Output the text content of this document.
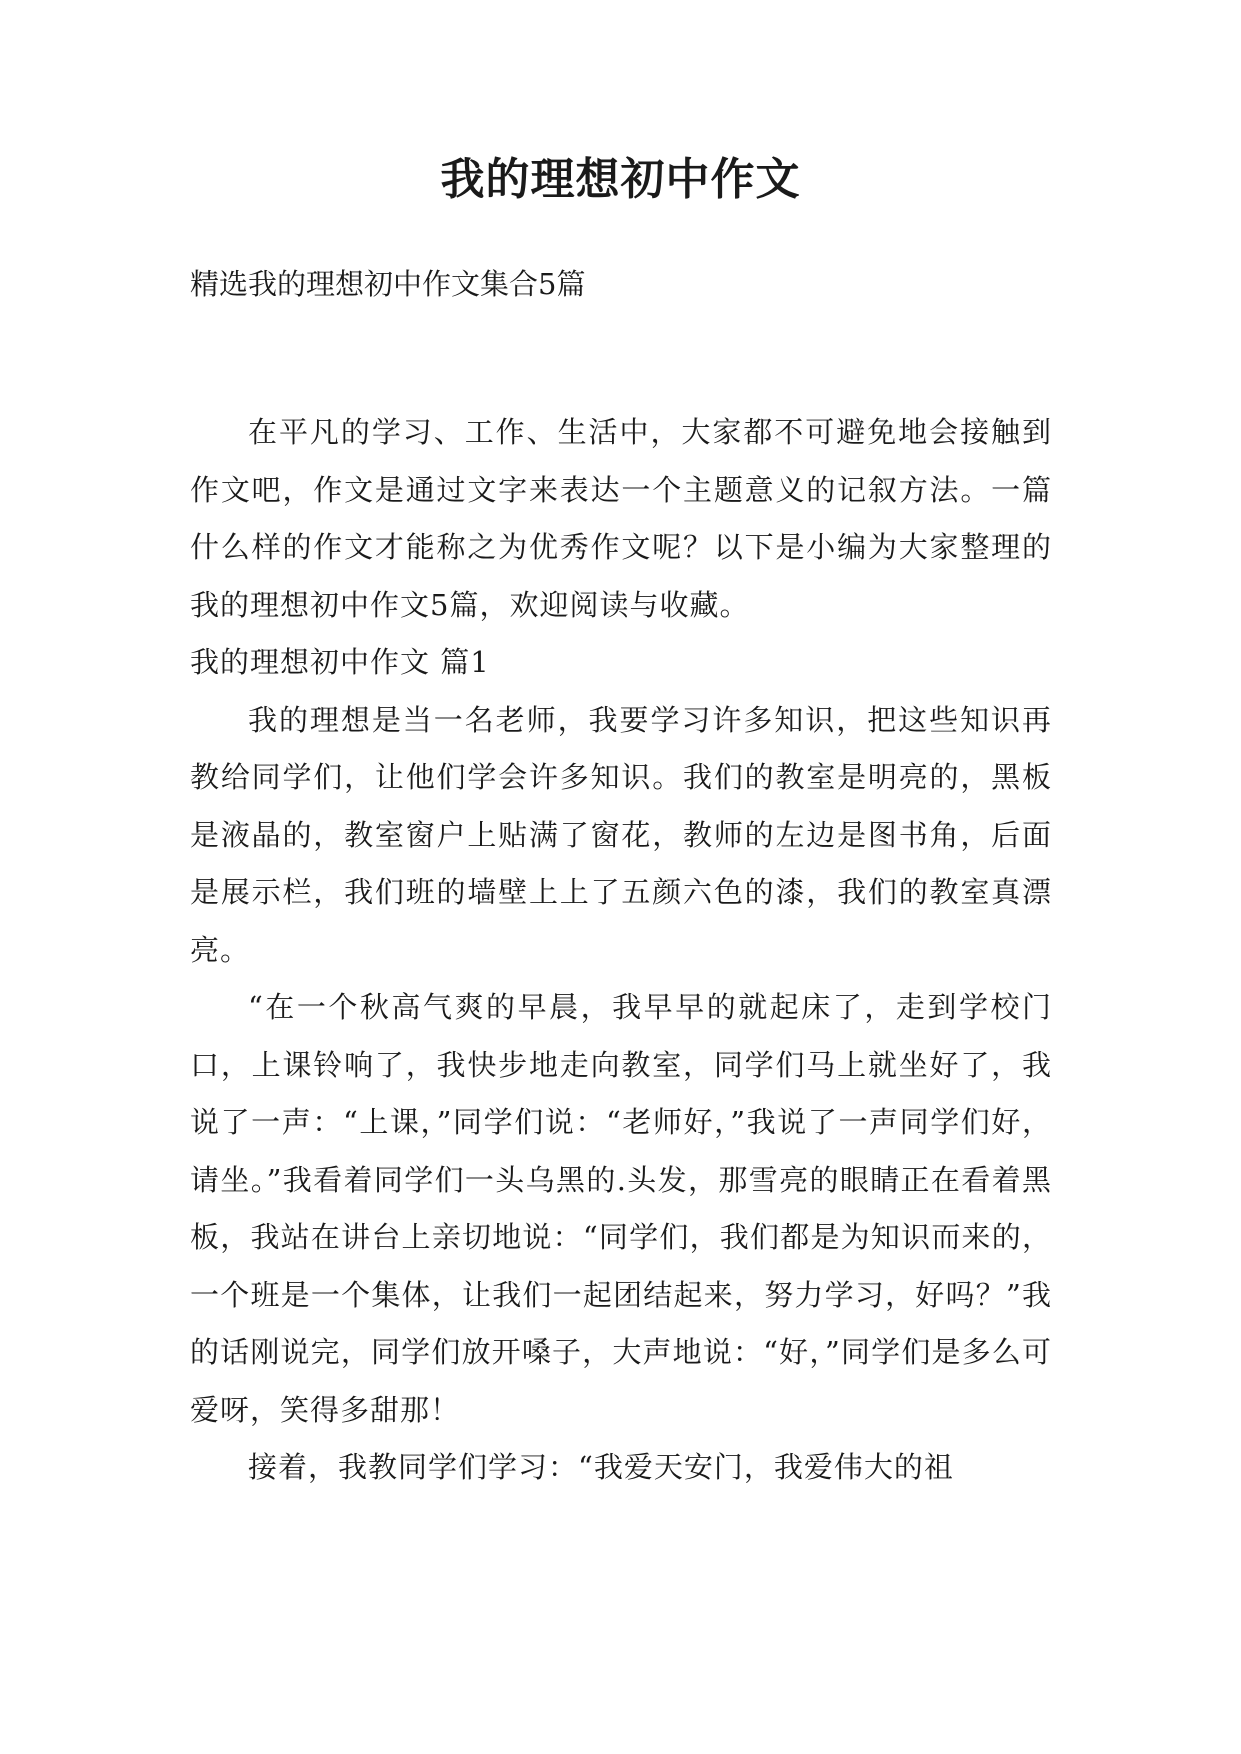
我的理想初中作文

精选我的理想初中作文集合5篇

在平凡的学习、工作、生活中，大家都不可避免地会接触到作文吧，作文是通过文字来表达一个主题意义的记叙方法。一篇什么样的作文才能称之为优秀作文呢？以下是小编为大家整理的我的理想初中作文5篇，欢迎阅读与收藏。

我的理想初中作文 篇1

我的理想是当一名老师，我要学习许多知识，把这些知识再教给同学们，让他们学会许多知识。我们的教室是明亮的，黑板是液晶的，教室窗户上贴满了窗花，教师的左边是图书角，后面是展示栏，我们班的墙壁上上了五颜六色的漆，我们的教室真漂亮。

“在一个秋高气爽的早晨，我早早的就起床了，走到学校门口，上课铃响了，我快步地走向教室，同学们马上就坐好了，我说了一声：“上课，”同学们说：“老师好，”我说了一声同学们好，请坐。”我看着同学们一头乌黑的.头发，那雪亮的眼睛正在看着黑板，我站在讲台上亲切地说：“同学们，我们都是为知识而来的，一个班是一个集体，让我们一起团结起来，努力学习，好吗？”我的话刚说完，同学们放开嗓子，大声地说：“好，”同学们是多么可爱呀，笑得多甜那！

接着，我教同学们学习：“我爱天安门，我爱伟大的祖
